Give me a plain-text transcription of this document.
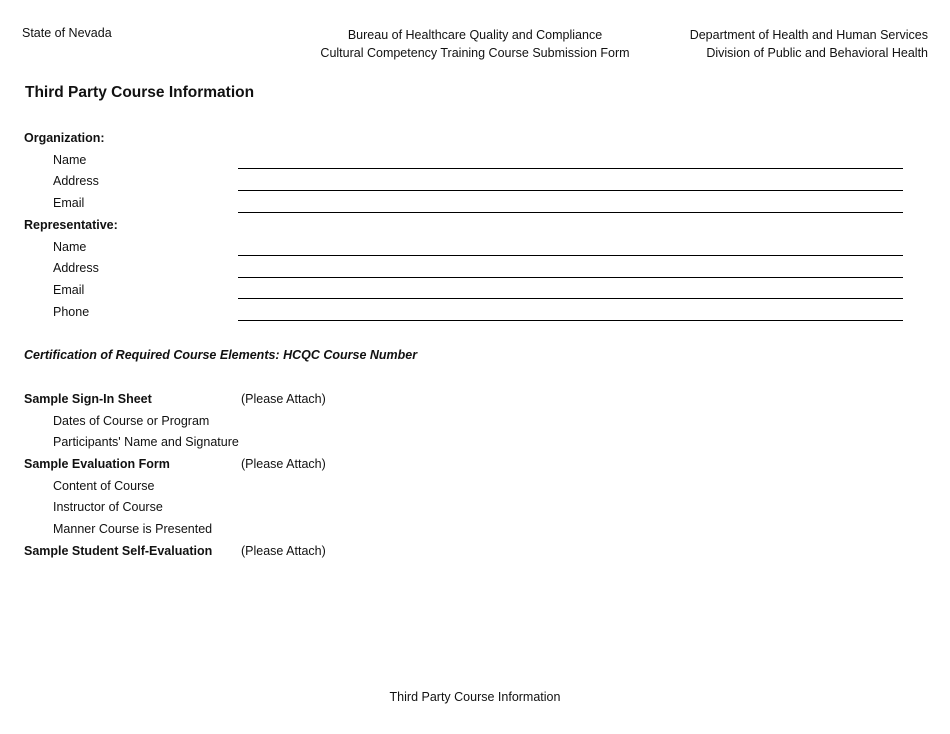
State of Nevada	Bureau of Healthcare Quality and Compliance
Cultural Competency Training Course Submission Form
Department of Health and Human Services
Division of Public and Behavioral Health
Third Party Course Information
Organization:
Name
Address
Email
Representative:
Name
Address
Email
Phone
Certification of Required Course Elements: HCQC Course Number
Sample Sign-In Sheet	(Please Attach)
Dates of Course or Program
Participants' Name and Signature
Sample Evaluation Form	(Please Attach)
Content of Course
Instructor of Course
Manner Course is Presented
Sample Student Self-Evaluation (Please Attach)
Third Party Course Information
